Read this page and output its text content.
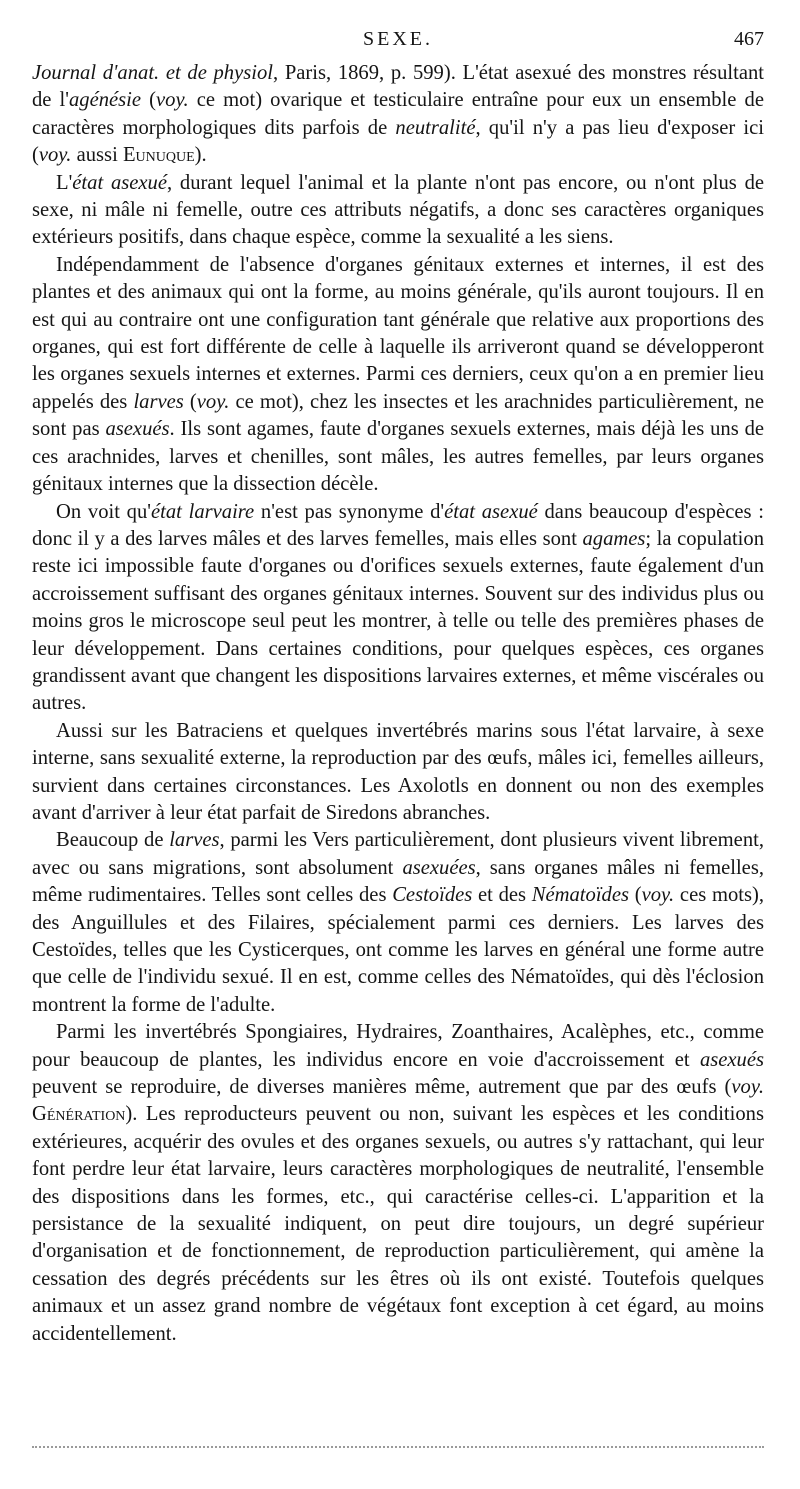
SEXE.	467

Journal d'anat. et de physiol, Paris, 1869, p. 599). L'état asexué des monstres résultant de l'agénésie (voy. ce mot) ovarique et testiculaire entraîne pour eux un ensemble de caractères morphologiques dits parfois de neutralité, qu'il n'y a pas lieu d'exposer ici (voy. aussi Eunuque).

L'état asexué, durant lequel l'animal et la plante n'ont pas encore, ou n'ont plus de sexe, ni mâle ni femelle, outre ces attributs négatifs, a donc ses caractères organiques extérieurs positifs, dans chaque espèce, comme la sexualité a les siens.

Indépendamment de l'absence d'organes génitaux externes et internes, il est des plantes et des animaux qui ont la forme, au moins générale, qu'ils auront toujours. Il en est qui au contraire ont une configuration tant générale que relative aux proportions des organes, qui est fort différente de celle à laquelle ils arriveront quand se développeront les organes sexuels internes et externes. Parmi ces derniers, ceux qu'on a en premier lieu appelés des larves (voy. ce mot), chez les insectes et les arachnides particulièrement, ne sont pas asexués. Ils sont agames, faute d'organes sexuels externes, mais déjà les uns de ces arachnides, larves et chenilles, sont mâles, les autres femelles, par leurs organes génitaux internes que la dissection décèle.

On voit qu'état larvaire n'est pas synonyme d'état asexué dans beaucoup d'espèces : donc il y a des larves mâles et des larves femelles, mais elles sont agames; la copulation reste ici impossible faute d'organes ou d'orifices sexuels externes, faute également d'un accroissement suffisant des organes génitaux internes. Souvent sur des individus plus ou moins gros le microscope seul peut les montrer, à telle ou telle des premières phases de leur développement. Dans certaines conditions, pour quelques espèces, ces organes grandissent avant que changent les dispositions larvaires externes, et même viscérales ou autres.

Aussi sur les Batraciens et quelques invertébrés marins sous l'état larvaire, à sexe interne, sans sexualité externe, la reproduction par des œufs, mâles ici, femelles ailleurs, survient dans certaines circonstances. Les Axolotls en donnent ou non des exemples avant d'arriver à leur état parfait de Siredons abranches.

Beaucoup de larves, parmi les Vers particulièrement, dont plusieurs vivent librement, avec ou sans migrations, sont absolument asexuées, sans organes mâles ni femelles, même rudimentaires. Telles sont celles des Cestoïdes et des Nématoïdes (voy. ces mots), des Anguillules et des Filaires, spécialement parmi ces derniers. Les larves des Cestoïdes, telles que les Cysticerques, ont comme les larves en général une forme autre que celle de l'individu sexué. Il en est, comme celles des Nématoïdes, qui dès l'éclosion montrent la forme de l'adulte.

Parmi les invertébrés Spongiaires, Hydraires, Zoanthaires, Acalèphes, etc., comme pour beaucoup de plantes, les individus encore en voie d'accroissement et asexués peuvent se reproduire, de diverses manières même, autrement que par des œufs (voy. Génération). Les reproducteurs peuvent ou non, suivant les espèces et les conditions extérieures, acquérir des ovules et des organes sexuels, ou autres s'y rattachant, qui leur font perdre leur état larvaire, leurs caractères morphologiques de neutralité, l'ensemble des dispositions dans les formes, etc., qui caractérise celles-ci. L'apparition et la persistance de la sexualité indiquent, on peut dire toujours, un degré supérieur d'organisation et de fonctionnement, de reproduction particulièrement, qui amène la cessation des degrés précédents sur les êtres où ils ont existé. Toutefois quelques animaux et un assez grand nombre de végétaux font exception à cet égard, au moins accidentellement.
